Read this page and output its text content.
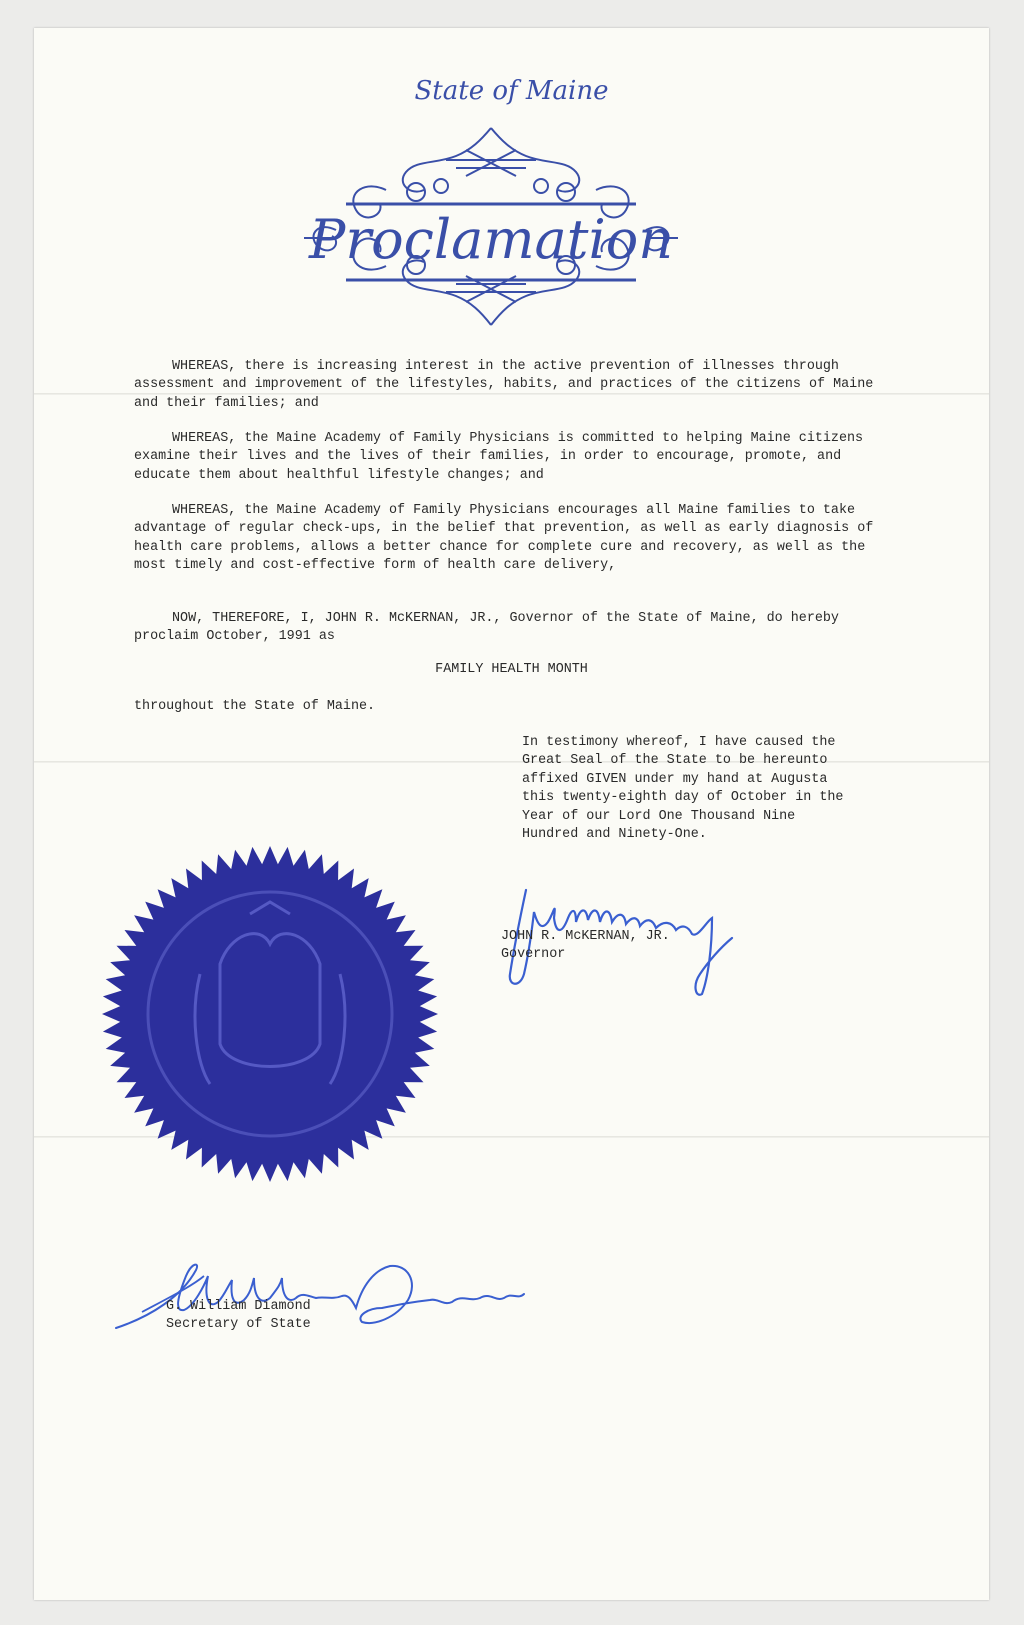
State of Maine
Proclamation
WHEREAS, there is increasing interest in the active prevention of illnesses through assessment and improvement of the lifestyles, habits, and practices of the citizens of Maine and their families; and
WHEREAS, the Maine Academy of Family Physicians is committed to helping Maine citizens examine their lives and the lives of their families, in order to encourage, promote, and educate them about healthful lifestyle changes; and
WHEREAS, the Maine Academy of Family Physicians encourages all Maine families to take advantage of regular check-ups, in the belief that prevention, as well as early diagnosis of health care problems, allows a better chance for complete cure and recovery, as well as the most timely and cost-effective form of health care delivery,
NOW, THEREFORE, I, JOHN R. McKERNAN, JR., Governor of the State of Maine, do hereby proclaim October, 1991 as
FAMILY HEALTH MONTH
throughout the State of Maine.
In testimony whereof, I have caused the Great Seal of the State to be hereunto affixed GIVEN under my hand at Augusta this twenty-eighth day of October in the Year of our Lord One Thousand Nine Hundred and Ninety-One.
JOHN R. McKERNAN, JR.
Governor
G. William Diamond
Secretary of State
